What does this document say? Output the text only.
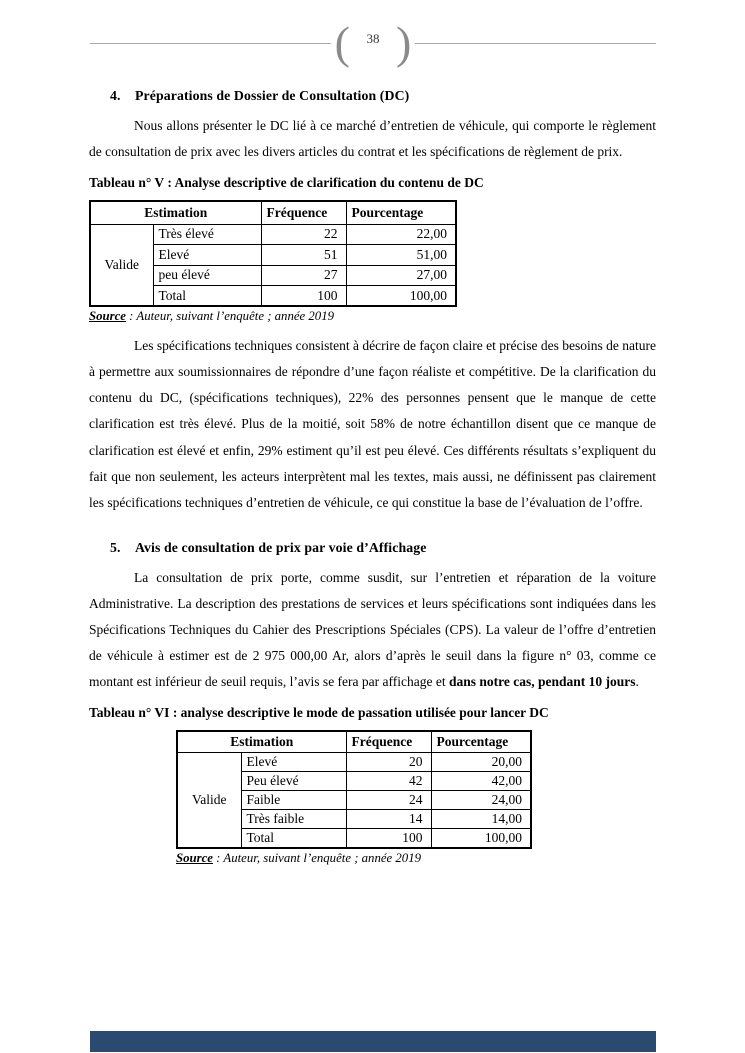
(	38 )
4. Préparations de Dossier de Consultation (DC)

Nous allons présenter le DC lié à ce marché d’entretien de véhicule, qui comporte le règlement de consultation de prix avec les divers articles du contrat et les spécifications de règlement de prix.

Tableau n° V : Analyse descriptive de clarification du contenu de DC

Estimation		Fréquence	Pourcentage
Valide	Très élevé	22	22,00
	Elevé	51	51,00
	peu élevé	27	27,00
	Total	100	100,00

Source : Auteur, suivant l’enquête ; année 2019

Les spécifications techniques consistent à décrire de façon claire et précise des besoins de nature à permettre aux soumissionnaires de répondre d’une façon réaliste et compétitive. De la clarification du contenu du DC, (spécifications techniques), 22% des personnes pensent que le manque de cette clarification est très élevé. Plus de la moitié, soit 58% de notre échantillon disent que ce manque de clarification est élevé et enfin, 29% estiment qu’il est peu élevé. Ces différents résultats s’expliquent du fait que non seulement, les acteurs interprètent mal les textes, mais aussi, ne définissent pas clairement les spécifications techniques d’entretien de véhicule, ce qui constitue la base de l’évaluation de l’offre.

5. Avis de consultation de prix par voie d’Affichage

La consultation de prix porte, comme susdit, sur l’entretien et réparation de la voiture Administrative. La description des prestations de services et leurs spécifications sont indiquées dans les Spécifications Techniques du Cahier des Prescriptions Spéciales (CPS). La valeur de l’offre d’entretien de véhicule à estimer est de 2 975 000,00 Ar, alors d’après le seuil dans la figure n° 03, comme ce montant est inférieur de seuil requis, l’avis se fera par affichage et dans notre cas, pendant 10 jours.

Tableau n° VI : analyse descriptive le mode de passation utilisée pour lancer DC

Estimation		Fréquence	Pourcentage
Valide	Elevé	20	20,00
	Peu élevé	42	42,00
	Faible	24	24,00
	Très faible	14	14,00
	Total	100	100,00

Source : Auteur, suivant l’enquête ; année 2019
